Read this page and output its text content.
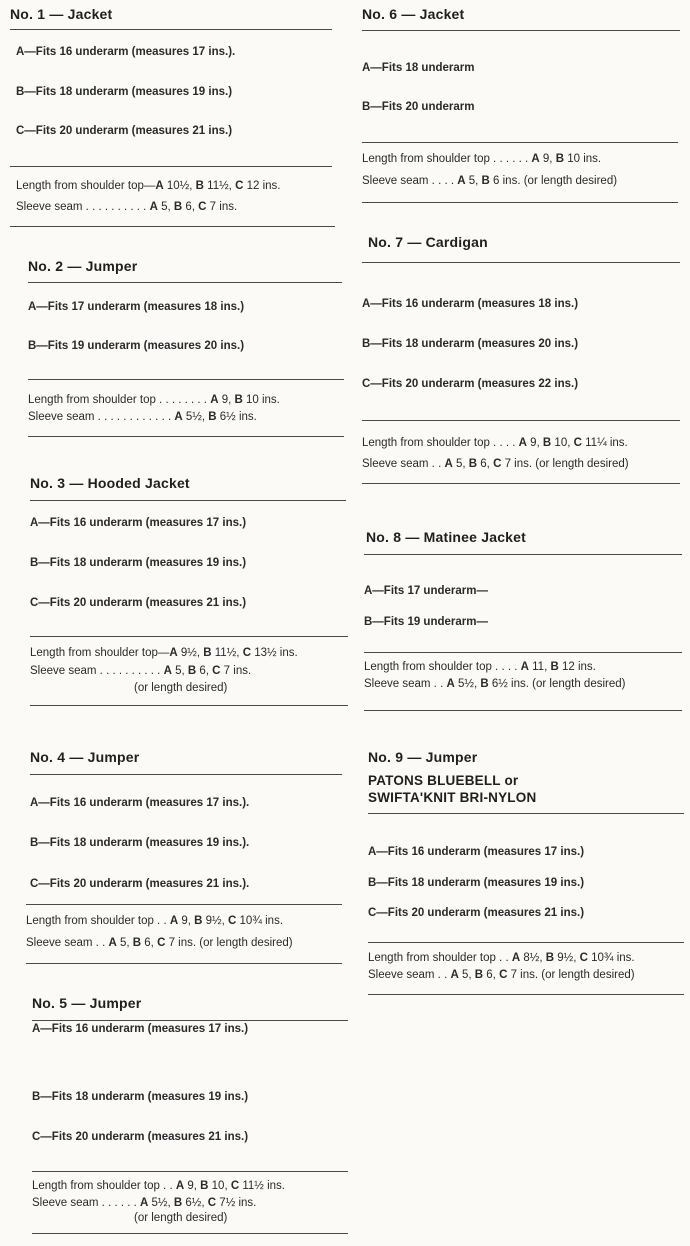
No. 1 — Jacket
A—Fits 16 underarm (measures 17 ins.).
B—Fits 18 underarm (measures 19 ins.)
C—Fits 20 underarm (measures 21 ins.)
Length from shoulder top—A 10½, B 11½, C 12 ins.
Sleeve seam . . . . . . . . . . A 5, B 6, C 7 ins.
No. 2 — Jumper
A—Fits 17 underarm (measures 18 ins.)
B—Fits 19 underarm (measures 20 ins.)
Length from shoulder top . . . . . . . . A 9, B 10 ins.
Sleeve seam . . . . . . . . . . . . A 5½, B 6½ ins.
No. 3 — Hooded Jacket
A—Fits 16 underarm (measures 17 ins.)
B—Fits 18 underarm (measures 19 ins.)
C—Fits 20 underarm (measures 21 ins.)
Length from shoulder top—A 9½, B 11½, C 13½ ins.
Sleeve seam . . . . . . . . . . A 5, B 6, C 7 ins.
(or length desired)
No. 4 — Jumper
A—Fits 16 underarm (measures 17 ins.).
B—Fits 18 underarm (measures 19 ins.).
C—Fits 20 underarm (measures 21 ins.).
Length from shoulder top . . A 9, B 9½, C 10¾ ins.
Sleeve seam . . A 5, B 6, C 7 ins. (or length desired)
No. 5 — Jumper
A—Fits 16 underarm (measures 17 ins.)
B—Fits 18 underarm (measures 19 ins.)
C—Fits 20 underarm (measures 21 ins.)
Length from shoulder top . . A 9, B 10, C 11½ ins.
Sleeve seam . . . . . . A 5½, B 6½, C 7½ ins.
(or length desired)
No. 6 — Jacket
A—Fits 18 underarm
B—Fits 20 underarm
Length from shoulder top . . . . . . A 9, B 10 ins.
Sleeve seam . . . . A 5, B 6 ins. (or length desired)
No. 7 — Cardigan
A—Fits 16 underarm (measures 18 ins.)
B—Fits 18 underarm (measures 20 ins.)
C—Fits 20 underarm (measures 22 ins.)
Length from shoulder top . . . . A 9, B 10, C 11¼ ins.
Sleeve seam . . A 5, B 6, C 7 ins. (or length desired)
No. 8 — Matinee Jacket
A—Fits 17 underarm—
B—Fits 19 underarm—
Length from shoulder top . . . . A 11, B 12 ins.
Sleeve seam . . A 5½, B 6½ ins. (or length desired)
No. 9 — Jumper
PATONS BLUEBELL or
SWIFTA'KNIT BRI-NYLON
A—Fits 16 underarm (measures 17 ins.)
B—Fits 18 underarm (measures 19 ins.)
C—Fits 20 underarm (measures 21 ins.)
Length from shoulder top . . A 8½, B 9½, C 10¾ ins.
Sleeve seam . . A 5, B 6, C 7 ins. (or length desired)
